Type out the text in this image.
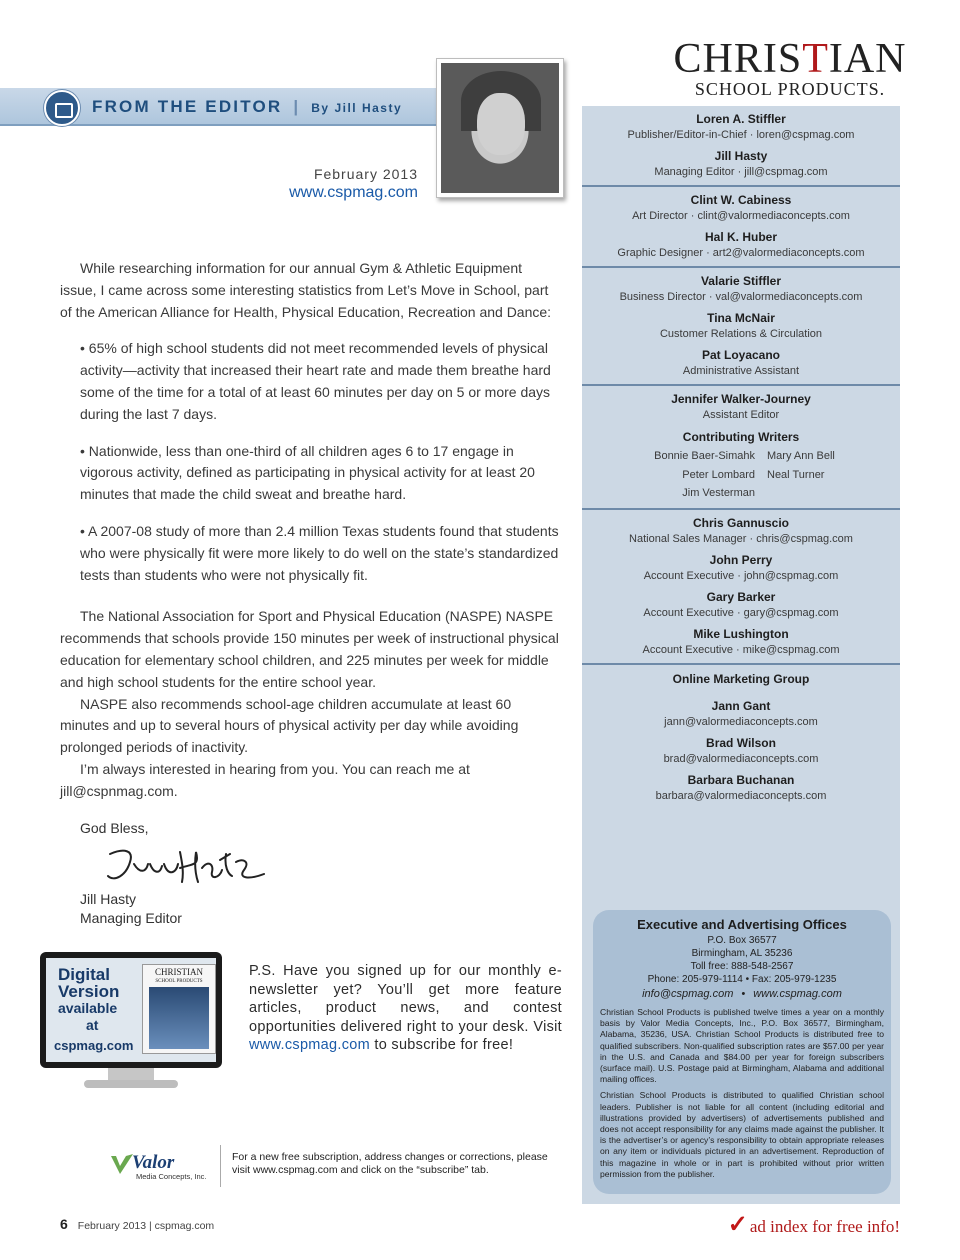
FROM THE EDITOR | By Jill Hasty
February 2013
www.cspmag.com

While researching information for our annual Gym & Athletic Equipment issue, I came across some interesting statistics from Let’s Move in School, part of the American Alliance for Health, Physical Education, Recreation and Dance:

• 65% of high school students did not meet recommended levels of physical activity—activity that increased their heart rate and made them breathe hard some of the time for a total of at least 60 minutes per day on 5 or more days during the last 7 days.

• Nationwide, less than one-third of all children ages 6 to 17 engage in vigorous activity, defined as participating in physical activity for at least 20 minutes that made the child sweat and breathe hard.

• A 2007-08 study of more than 2.4 million Texas students found that students who were physically fit were more likely to do well on the state’s standardized tests than students who were not physically fit.

The National Association for Sport and Physical Education (NASPE) NASPE recommends that schools provide 150 minutes per week of instructional physical education for elementary school children, and 225 minutes per week for middle and high school students for the entire school year.

NASPE also recommends school-age children accumulate at least 60 minutes and up to several hours of physical activity per day while avoiding prolonged periods of inactivity.

I’m always interested in hearing from you. You can reach me at jill@cspnmag.com.

God Bless,
Jill Hasty
Managing Editor
Digital
Version
available
at
cspmag.com
CHRISTIAN
SCHOOL PRODUCTS
P.S. Have you signed up for our monthly e-newsletter yet? You’ll get more feature articles, product news, and contest opportunities delivered right to your desk. Visit www.cspmag.com to subscribe for free!
Valor
Media Concepts, Inc.
For a new free subscription, address changes or corrections, please visit www.cspmag.com and click on the “subscribe” tab.
6 February 2013 | cspmag.com	✓ ad index for free info!
CHRISTIAN
SCHOOL PRODUCTS.
Loren A. Stiffler
Publisher/Editor-in-Chief · loren@cspmag.com
Jill Hasty
Managing Editor · jill@cspmag.com
Clint W. Cabiness
Art Director · clint@valormediaconcepts.com
Hal K. Huber
Graphic Designer · art2@valormediaconcepts.com
Valarie Stiffler
Business Director · val@valormediaconcepts.com
Tina McNair
Customer Relations & Circulation
Pat Loyacano
Administrative Assistant
Jennifer Walker-Journey
Assistant Editor
Contributing Writers
Bonnie Baer-Simahk Mary Ann Bell
Peter Lombard Neal Turner
Jim Vesterman
Chris Gannuscio
National Sales Manager · chris@cspmag.com
John Perry
Account Executive · john@cspmag.com
Gary Barker
Account Executive · gary@cspmag.com
Mike Lushington
Account Executive · mike@cspmag.com
Online Marketing Group
Jann Gant
jann@valormediaconcepts.com
Brad Wilson
brad@valormediaconcepts.com
Barbara Buchanan
barbara@valormediaconcepts.com
Executive and Advertising Offices
P.O. Box 36577
Birmingham, AL 35236
Toll free: 888-548-2567
Phone: 205-979-1114 • Fax: 205-979-1235
info@cspmag.com • www.cspmag.com
Christian School Products is published twelve times a year on a monthly basis by Valor Media Concepts, Inc., P.O. Box 36577, Birmingham, Alabama, 35236, USA. Christian School Products is distributed free to qualified subscribers. Non-qualified subscription rates are $57.00 per year in the U.S. and Canada and $84.00 per year for foreign subscribers (surface mail). U.S. Postage paid at Birmingham, Alabama and additional mailing offices.
Christian School Products is distributed to qualified Christian school leaders. Publisher is not liable for all content (including editorial and illustrations provided by advertisers) of advertisements published and does not accept responsibility for any claims made against the publisher. It is the advertiser’s or agency’s responsibility to obtain appropriate releases on any item or individuals pictured in an advertisement. Reproduction of this magazine in whole or in part is prohibited without prior written permission from the publisher.
